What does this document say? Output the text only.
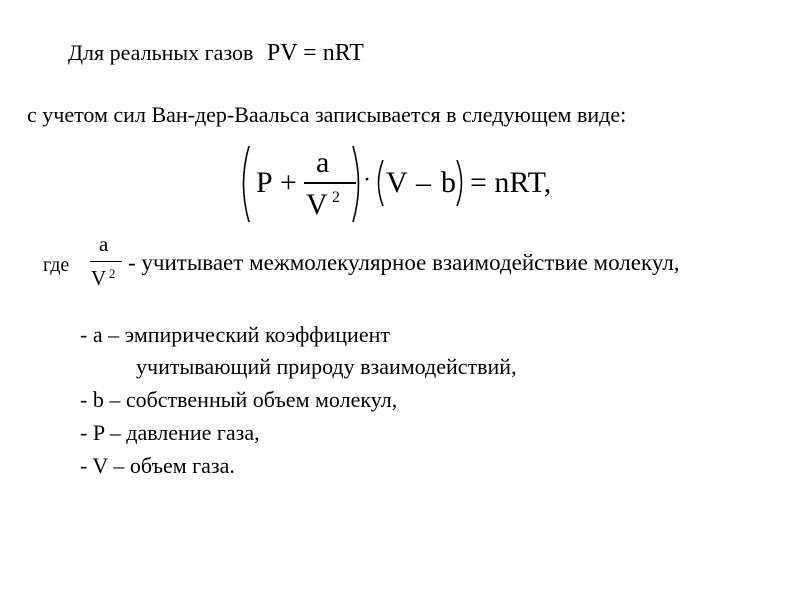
Для реальных газов PV = nRT
с учетом сил Ван-дер-Ваальса записывается в следующем виде:
P +
a
V 2
· V – b = nRT,
где
a
V 2 - учитывает межмолекулярное взаимодействие молекул,
- a – эмпирический коэффициент
учитывающий природу взаимодействий,
- b – собственный объем молекул,
- P – давление газа,
- V – объем газа.
